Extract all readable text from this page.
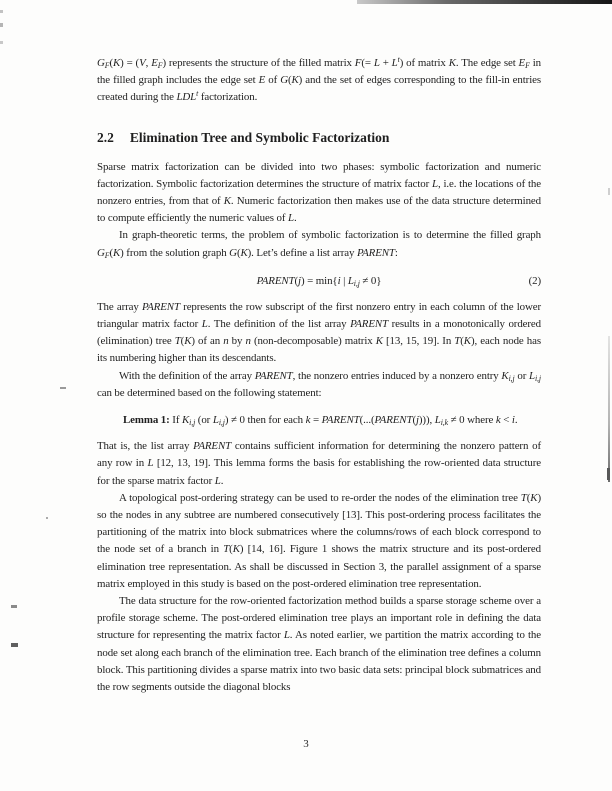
$G_F(K) = (V$, $E_F$) represents the structure of the filled matrix $F(= L + L^t)$ of matrix K. The edge set $E_F$ in the filled graph includes the edge set E of G(K) and the set of edges corresponding to the fill-in entries created during the LDL$^t$ factorization.

2.2 Elimination Tree and Symbolic Factorization

Sparse matrix factorization can be divided into two phases: symbolic factorization and numeric factorization. Symbolic factorization determines the structure of matrix factor L, i.e. the locations of the nonzero entries, from that of K. Numeric factorization then makes use of the data structure determined to compute efficiently the numeric values of L.

In graph-theoretic terms, the problem of symbolic factorization is to determine the filled graph $G_F(K)$ from the solution graph G(K). Let’s define a list array PARENT:

PARENT(j) = min{i | $L_{i,j} \ne 0$}	(2)

The array PARENT represents the row subscript of the first nonzero entry in each column of the lower triangular matrix factor L. The definition of the list array PARENT results in a monotonically ordered (elimination) tree T(K) of an n by n (non-decomposable) matrix K [13, 15, 19]. In T(K), each node has its numbering higher than its descendants.

With the definition of the array PARENT, the nonzero entries induced by a nonzero entry $K_{i,j}$ or $L_{i,j}$ can be determined based on the following statement:

Lemma 1: If $K_{i,j}$ (or $L_{i,j}) \ne 0$ then for each k = PARENT(...(PARENT(j))), $L_{i,k} \ne 0$ where k < i.

That is, the list array PARENT contains sufficient information for determining the nonzero pattern of any row in L [12, 13, 19]. This lemma forms the basis for establishing the row-oriented data structure for the sparse matrix factor L.

A topological post-ordering strategy can be used to re-order the nodes of the elimination tree T(K) so the nodes in any subtree are numbered consecutively [13]. This post-ordering process facilitates the partitioning of the matrix into block submatrices where the columns/rows of each block correspond to the node set of a branch in T(K) [14, 16]. Figure 1 shows the matrix structure and its post-ordered elimination tree representation. As shall be discussed in Section 3, the parallel assignment of a sparse matrix employed in this study is based on the post-ordered elimination tree representation.

The data structure for the row-oriented factorization method builds a sparse storage scheme over a profile storage scheme. The post-ordered elimination tree plays an important role in defining the data structure for representing the matrix factor L. As noted earlier, we partition the matrix according to the node set along each branch of the elimination tree. Each branch of the elimination tree defines a column block. This partitioning divides a sparse matrix into two basic data sets: principal block submatrices and the row segments outside the diagonal blocks

3
